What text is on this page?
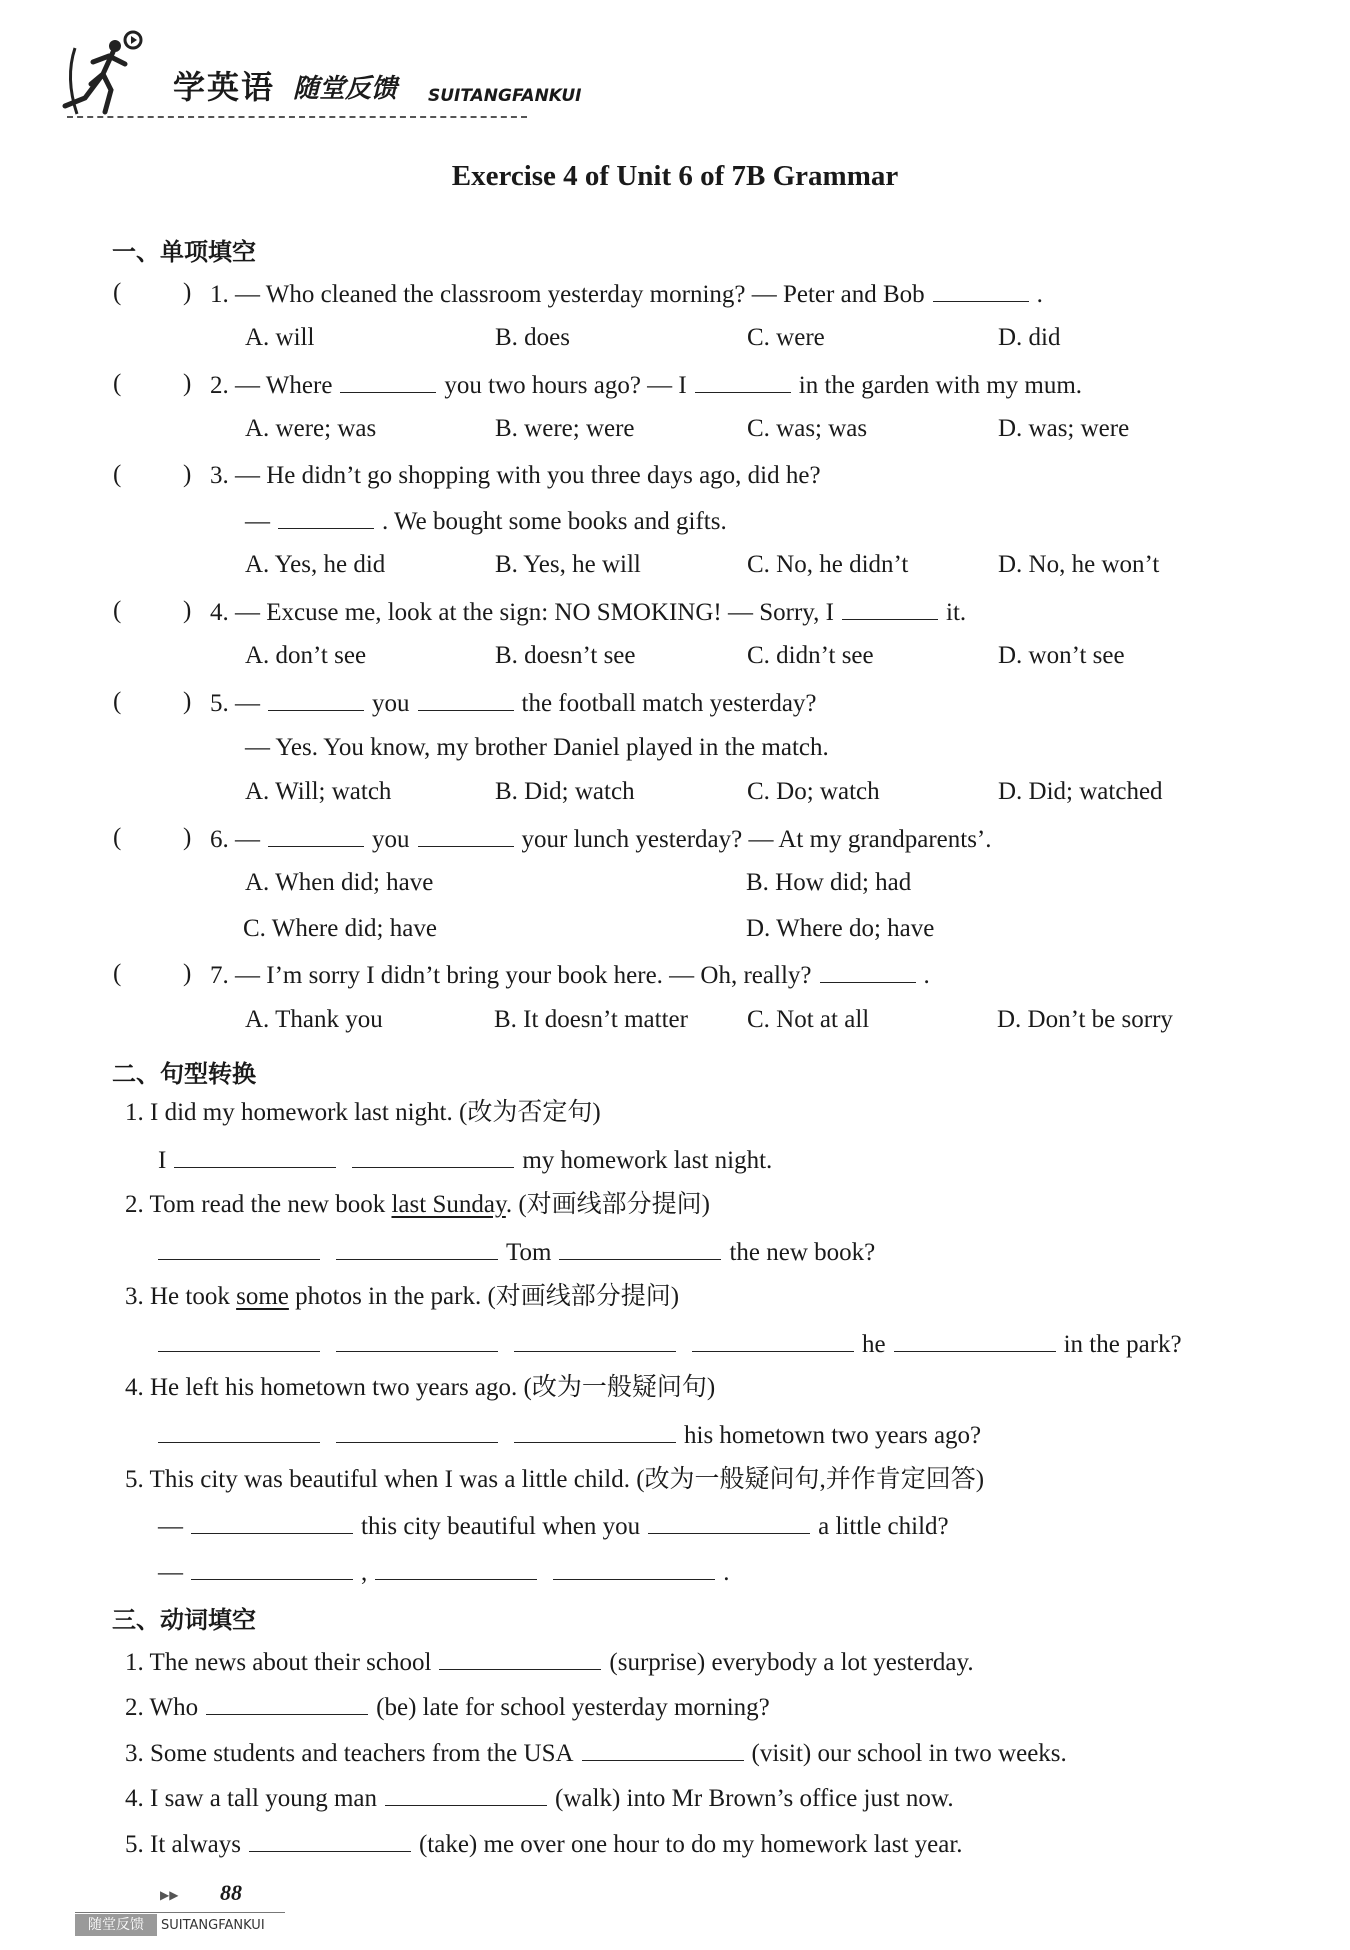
学英语 随堂反馈 SUITANGFANKUI
Exercise 4 of Unit 6 of 7B Grammar
一、单项填空
( ) 1. — Who cleaned the classroom yesterday morning? — Peter and Bob	.
A. will	B. does	C. were	D. did
( ) 2. — Where	you two hours ago? — I	in the garden with my mum.
A. were; was	B. were; were	C. was; was	D. was; were
( ) 3. — He didn’t go shopping with you three days ago, did he?
—	. We bought some books and gifts.
A. Yes, he did	B. Yes, he will	C. No, he didn’t	D. No, he won’t
( ) 4. — Excuse me, look at the sign: NO SMOKING! — Sorry, I	it.
A. don’t see	B. doesn’t see	C. didn’t see	D. won’t see
( ) 5. —	you	the football match yesterday?
— Yes. You know, my brother Daniel played in the match.
A. Will; watch	B. Did; watch	C. Do; watch	D. Did; watched
( ) 6. —	you	your lunch yesterday? — At my grandparents’.
A. When did; have	B. How did; had
C. Where did; have	D. Where do; have
( ) 7. — I’m sorry I didn’t bring your book here. — Oh, really?	.
A. Thank you	B. It doesn’t matter C. Not at all	D. Don’t be sorry
二、句型转换
1. I did my homework last night. (改为否定句)
I	my homework last night.
2. Tom read the new book last Sunday. (对画线部分提问)
Tom	the new book?
3. He took some photos in the park. (对画线部分提问)
he	in the park?
4. He left his hometown two years ago. (改为一般疑问句)
his hometown two years ago?
5. This city was beautiful when I was a little child. (改为一般疑问句,并作肯定回答)
—	this city beautiful when you	a little child?
—	,	.
三、动词填空
1. The news about their school	(surprise) everybody a lot yesterday.
2. Who	(be) late for school yesterday morning?
3. Some students and teachers from the USA	(visit) our school in two weeks.
4. I saw a tall young man	(walk) into Mr Brown’s office just now.
5. It always	(take) me over one hour to do my homework last year.
▶▶ 88
随堂反馈	SUITANGFANKUI
